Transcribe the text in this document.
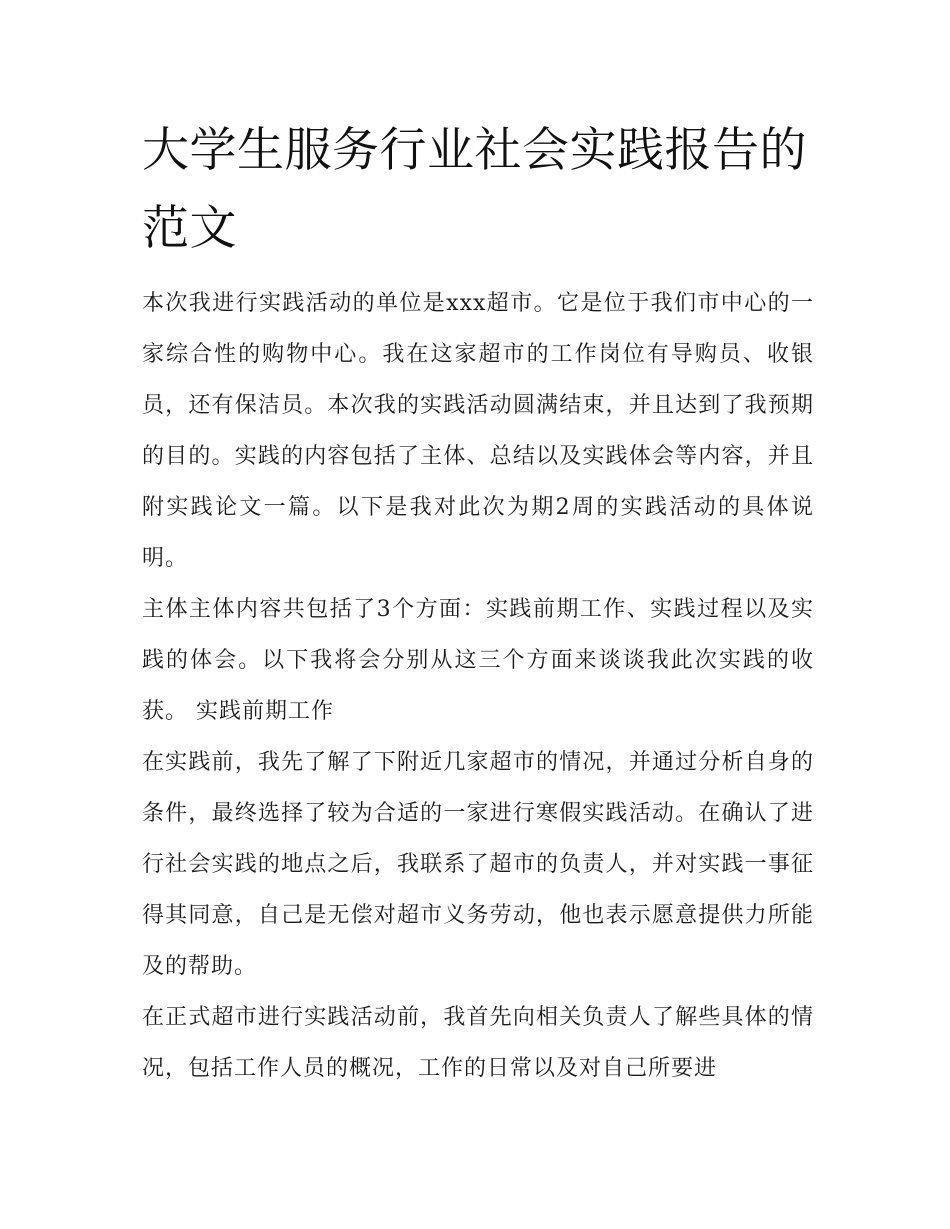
大学生服务行业社会实践报告的范文

本次我进行实践活动的单位是xxx超市。它是位于我们市中心的一家综合性的购物中心。我在这家超市的工作岗位有导购员、收银员，还有保洁员。本次我的实践活动圆满结束，并且达到了我预期的目的。实践的内容包括了主体、总结以及实践体会等内容，并且附实践论文一篇。以下是我对此次为期2周的实践活动的具体说明。

主体主体内容共包括了3个方面：实践前期工作、实践过程以及实践的体会。以下我将会分别从这三个方面来谈谈我此次实践的收获。 实践前期工作

在实践前，我先了解了下附近几家超市的情况，并通过分析自身的条件，最终选择了较为合适的一家进行寒假实践活动。在确认了进行社会实践的地点之后，我联系了超市的负责人，并对实践一事征得其同意，自己是无偿对超市义务劳动，他也表示愿意提供力所能及的帮助。

在正式超市进行实践活动前，我首先向相关负责人了解些具体的情况，包括工作人员的概况，工作的日常以及对自己所要进
